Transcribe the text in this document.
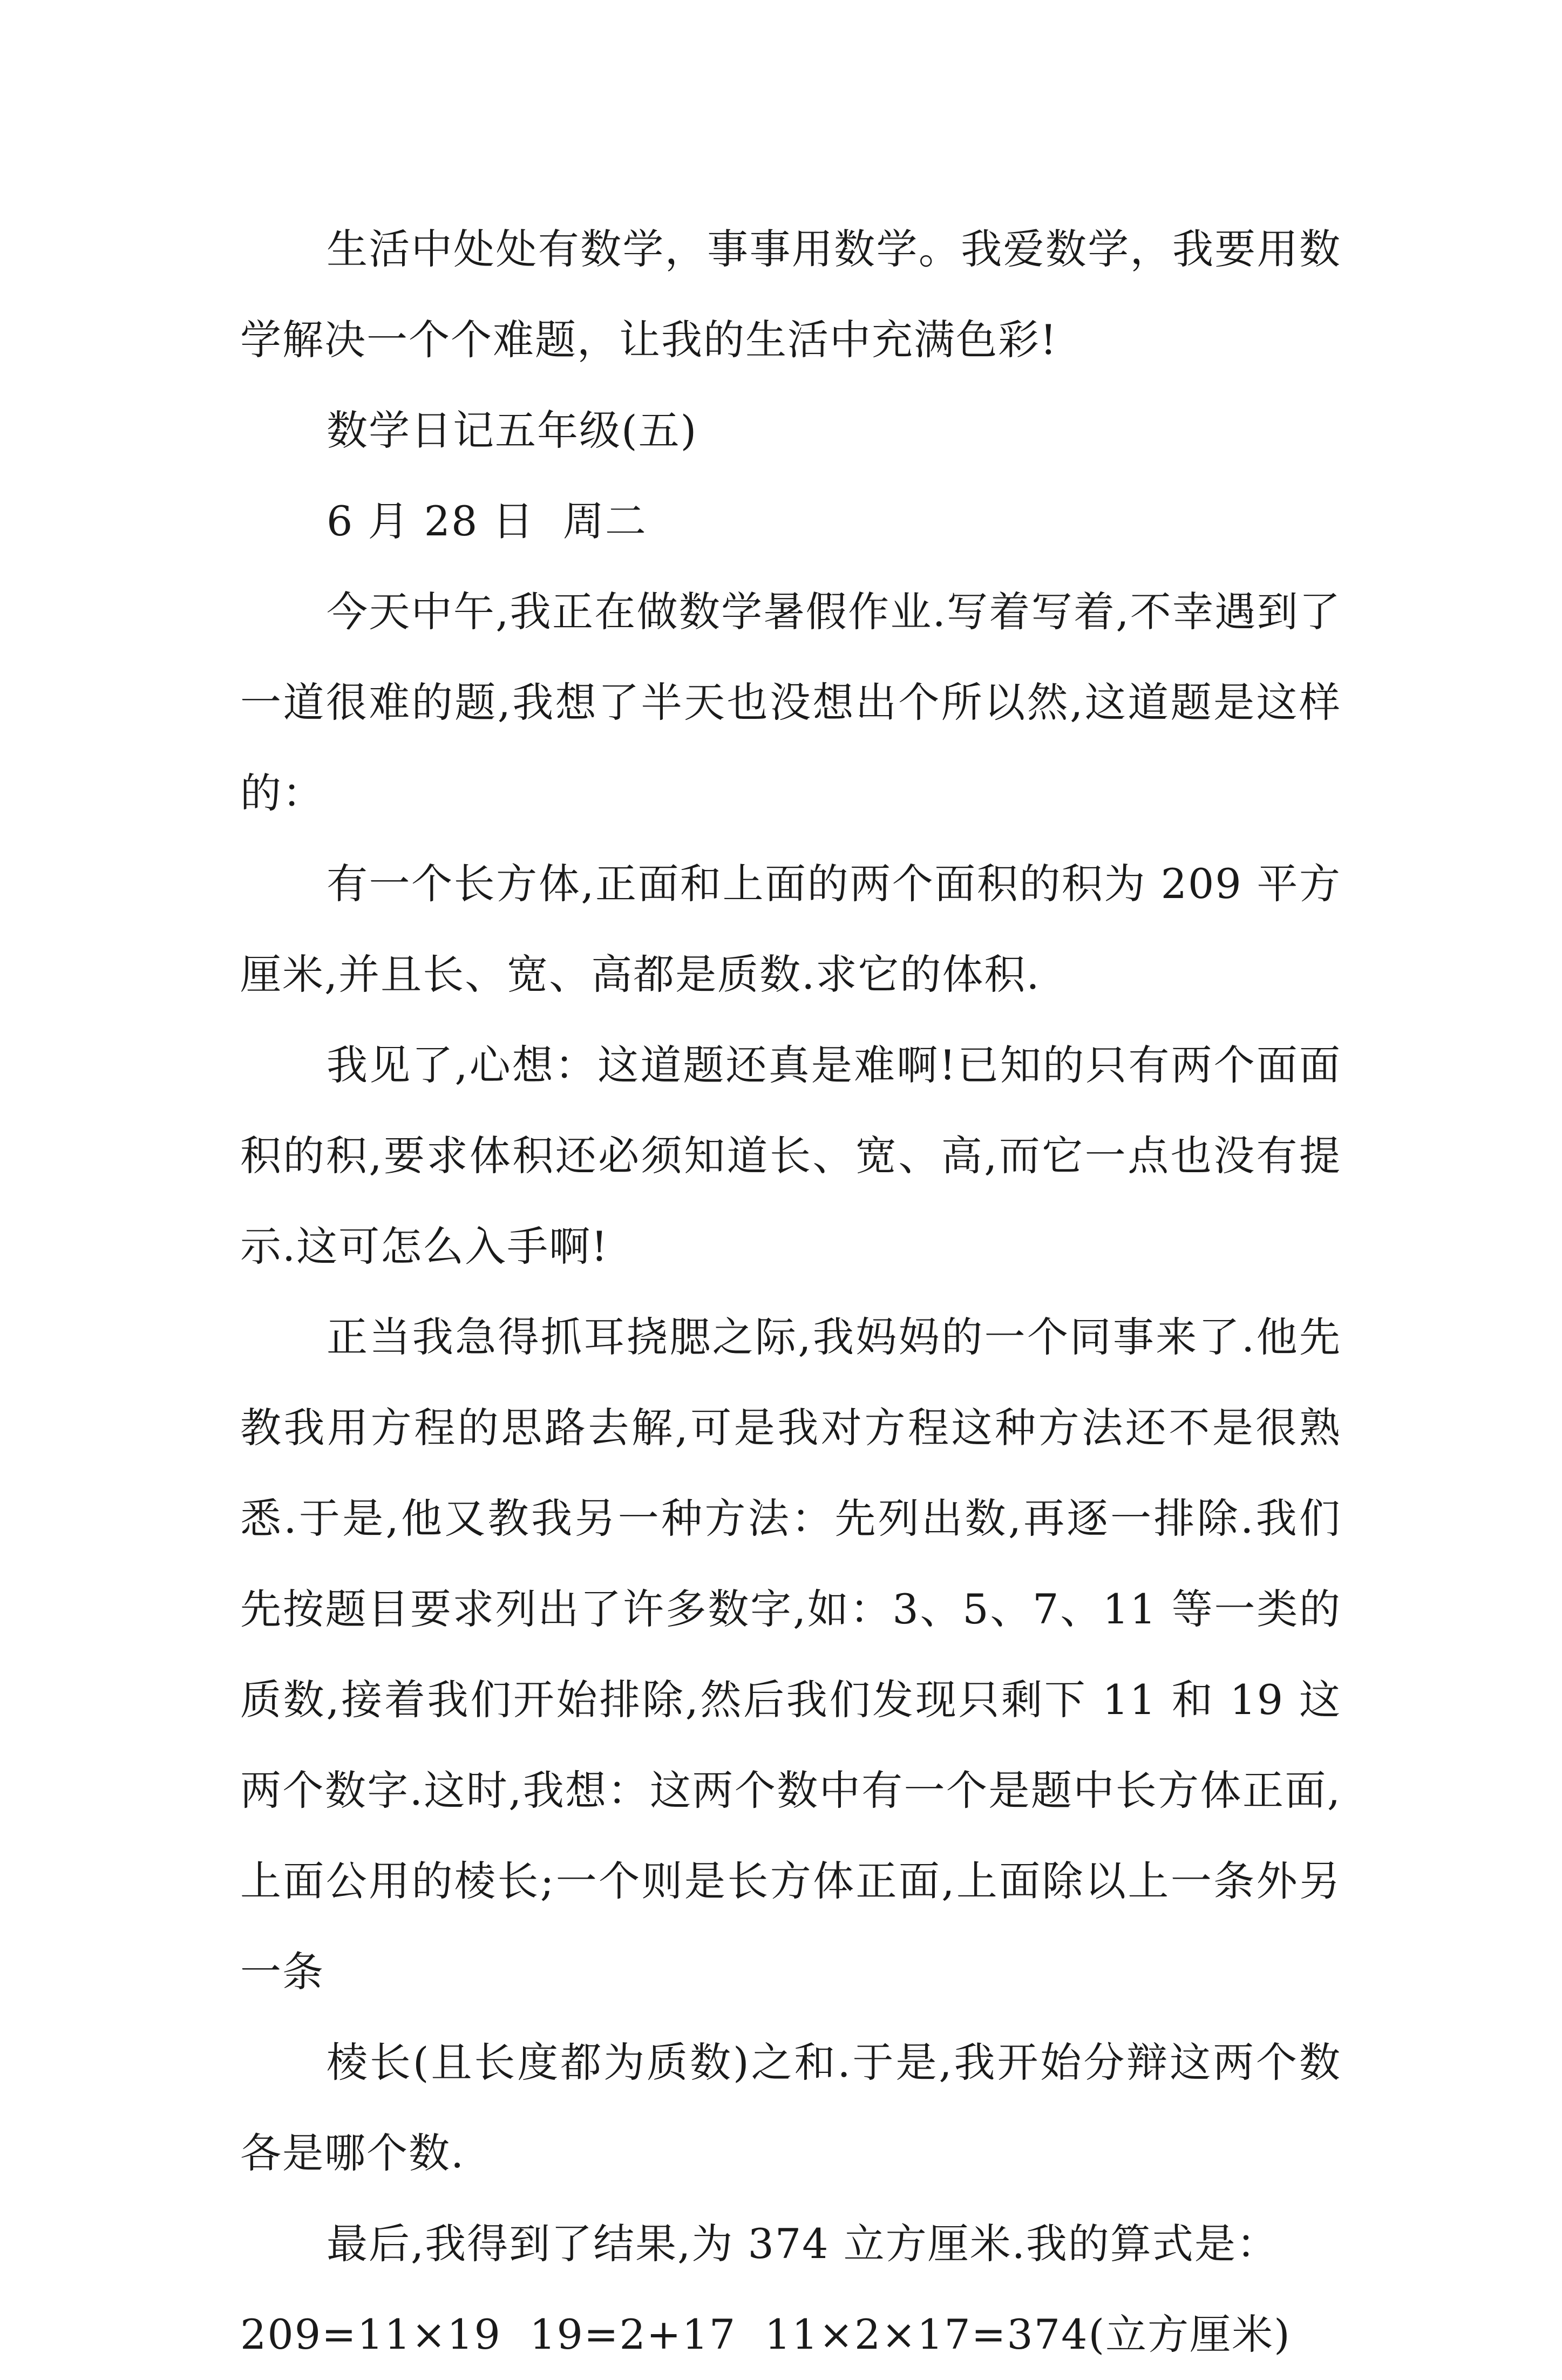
生活中处处有数学，事事用数学。我爱数学，我要用数学解决一个个难题，让我的生活中充满色彩!

数学日记五年级(五)

6 月 28 日  周二

今天中午,我正在做数学暑假作业.写着写着,不幸遇到了一道很难的题,我想了半天也没想出个所以然,这道题是这样的：

有一个长方体,正面和上面的两个面积的积为 209 平方厘米,并且长、宽、高都是质数.求它的体积.

我见了,心想：这道题还真是难啊!已知的只有两个面面积的积,要求体积还必须知道长、宽、高,而它一点也没有提示.这可怎么入手啊!

正当我急得抓耳挠腮之际,我妈妈的一个同事来了.他先教我用方程的思路去解,可是我对方程这种方法还不是很熟悉.于是,他又教我另一种方法：先列出数,再逐一排除.我们先按题目要求列出了许多数字,如：3、5、7、11 等一类的质数,接着我们开始排除,然后我们发现只剩下 11 和 19 这两个数字.这时,我想：这两个数中有一个是题中长方体正面,上面公用的棱长;一个则是长方体正面,上面除以上一条外另一条

棱长(且长度都为质数)之和.于是,我开始分辩这两个数各是哪个数.

最后,我得到了结果,为 374 立方厘米.我的算式是：

209=11×19  19=2+17  11×2×17=374(立方厘米)
